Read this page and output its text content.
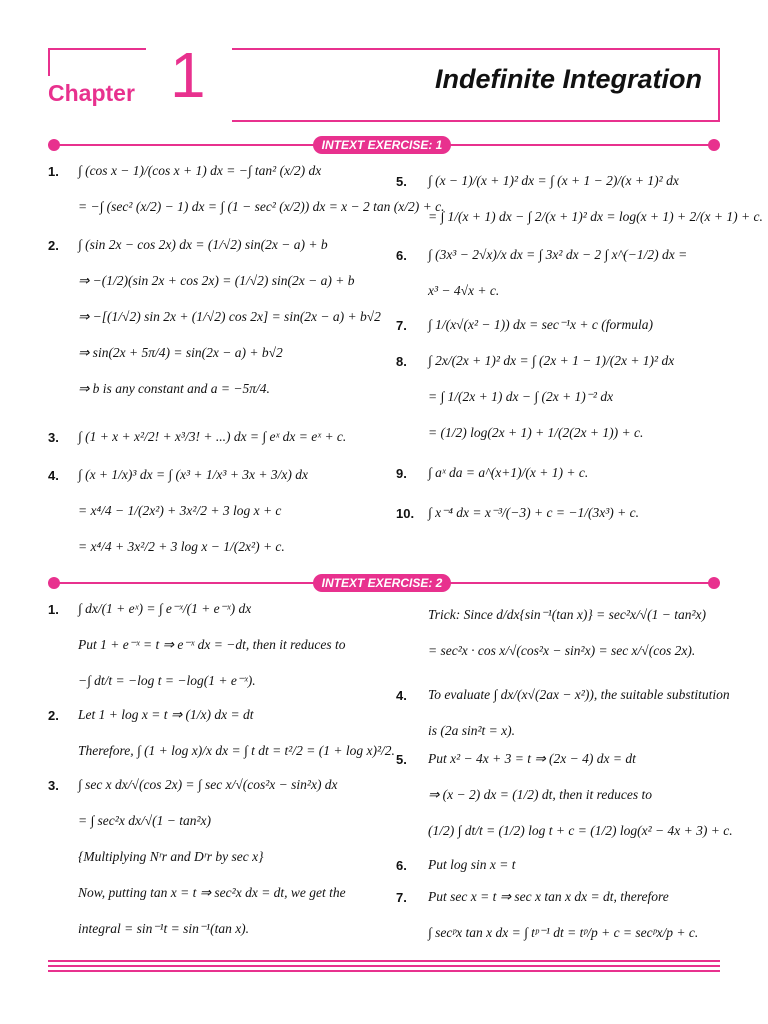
Chapter 1	Indefinite Integration
INTEXT EXERCISE: 1
1. ∫ (cos x − 1)/(cos x + 1) dx = −∫ tan² (x/2) dx
= −∫ (sec² (x/2) − 1) dx = ∫ (1 − sec² (x/2)) dx = x − 2 tan (x/2) + c.
2. ∫ (sin 2x − cos 2x) dx = (1/√2) sin(2x − a) + b
⇒ −(1/2)(sin 2x + cos 2x) = (1/√2) sin(2x − a) + b
⇒ −[(1/√2) sin 2x + (1/√2) cos 2x] = sin(2x − a) + b√2
⇒ sin(2x + 5π/4) = sin(2x − a) + b√2
⇒ b is any constant and a = −5π/4.
3. ∫ (1 + x + x²/2! + x³/3! + ...) dx = ∫ eˣ dx = eˣ + c.
4. ∫ (x + 1/x)³ dx = ∫ (x³ + 1/x³ + 3x + 3/x) dx
= x⁴/4 − 1/(2x²) + 3x²/2 + 3 log x + c
= x⁴/4 + 3x²/2 + 3 log x − 1/(2x²) + c.
5. ∫ (x − 1)/(x + 1)² dx = ∫ (x + 1 − 2)/(x + 1)² dx
= ∫ 1/(x + 1) dx − ∫ 2/(x + 1)² dx = log(x + 1) + 2/(x + 1) + c.
6. ∫ (3x³ − 2√x)/x dx = ∫ 3x² dx − 2 ∫ x^(−1/2) dx =
x³ − 4√x + c.
7. ∫ 1/(x√(x² − 1)) dx = sec⁻¹x + c (formula)
8. ∫ 2x/(2x + 1)² dx = ∫ (2x + 1 − 1)/(2x + 1)² dx
= ∫ 1/(2x + 1) dx − ∫ (2x + 1)⁻² dx
= (1/2) log(2x + 1) + 1/(2(2x + 1)) + c.
9. ∫ aˣ da = a^(x+1)/(x + 1) + c.
10. ∫ x⁻⁴ dx = x⁻³/(−3) + c = −1/(3x³) + c.
INTEXT EXERCISE: 2
1. ∫ dx/(1 + eˣ) = ∫ e⁻ˣ/(1 + e⁻ˣ) dx
Put 1 + e⁻ˣ = t ⇒ e⁻ˣ dx = −dt, then it reduces to
−∫ dt/t = −log t = −log(1 + e⁻ˣ).
2. Let 1 + log x = t ⇒ (1/x) dx = dt
Therefore, ∫ (1 + log x)/x dx = ∫ t dt = t²/2 = (1 + log x)²/2.
3. ∫ sec x dx/√(cos 2x) = ∫ sec x/√(cos²x − sin²x) dx
= ∫ sec²x dx/√(1 − tan²x)
{Multiplying Nʳr and Dʳr by sec x}
Now, putting tan x = t ⇒ sec²x dx = dt, we get the
integral = sin⁻¹t = sin⁻¹(tan x).
Trick: Since d/dx{sin⁻¹(tan x)} = sec²x/√(1 − tan²x)
= sec²x · cos x/√(cos²x − sin²x) = sec x/√(cos 2x).
4. To evaluate ∫ dx/(x√(2ax − x²)), the suitable substitution
is (2a sin²t = x).
5. Put x² − 4x + 3 = t ⇒ (2x − 4) dx = dt
⇒ (x − 2) dx = (1/2) dt, then it reduces to
(1/2) ∫ dt/t = (1/2) log t + c = (1/2) log(x² − 4x + 3) + c.
6. Put log sin x = t
7. Put sec x = t ⇒ sec x tan x dx = dt, therefore
∫ secᵖx tan x dx = ∫ tᵖ⁻¹ dt = tᵖ/p + c = secᵖx/p + c.
